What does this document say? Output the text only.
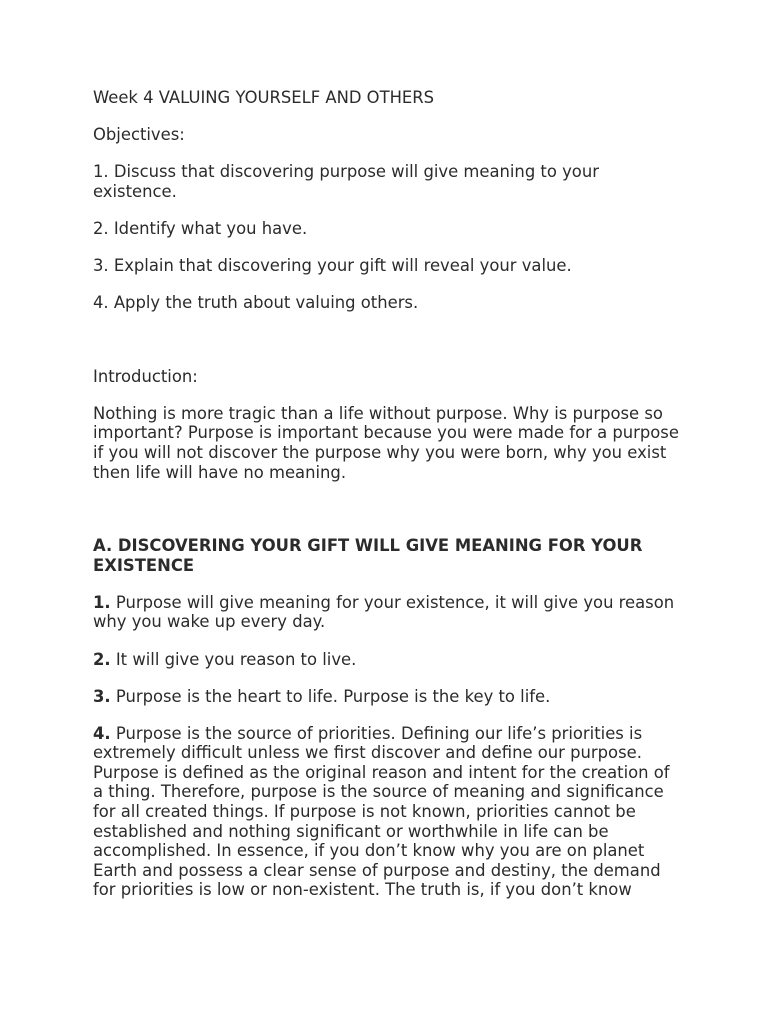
Week 4 VALUING YOURSELF AND OTHERS

Objectives:

1. Discuss that discovering purpose will give meaning to your existence.

2. Identify what you have.

3. Explain that discovering your gift will reveal your value.

4. Apply the truth about valuing others.

Introduction:

Nothing is more tragic than a life without purpose. Why is purpose so important? Purpose is important because you were made for a purpose if you will not discover the purpose why you were born, why you exist then life will have no meaning.

A. DISCOVERING YOUR GIFT WILL GIVE MEANING FOR YOUR EXISTENCE

1. Purpose will give meaning for your existence, it will give you reason why you wake up every day.

2. It will give you reason to live.

3. Purpose is the heart to life. Purpose is the key to life.

4. Purpose is the source of priorities. Defining our life’s priorities is extremely difficult unless we first discover and define our purpose. Purpose is defined as the original reason and intent for the creation of a thing. Therefore, purpose is the source of meaning and significance for all created things. If purpose is not known, priorities cannot be established and nothing significant or worthwhile in life can be accomplished. In essence, if you don’t know why you are on planet Earth and possess a clear sense of purpose and destiny, the demand for priorities is low or non-existent. The truth is, if you don’t know
